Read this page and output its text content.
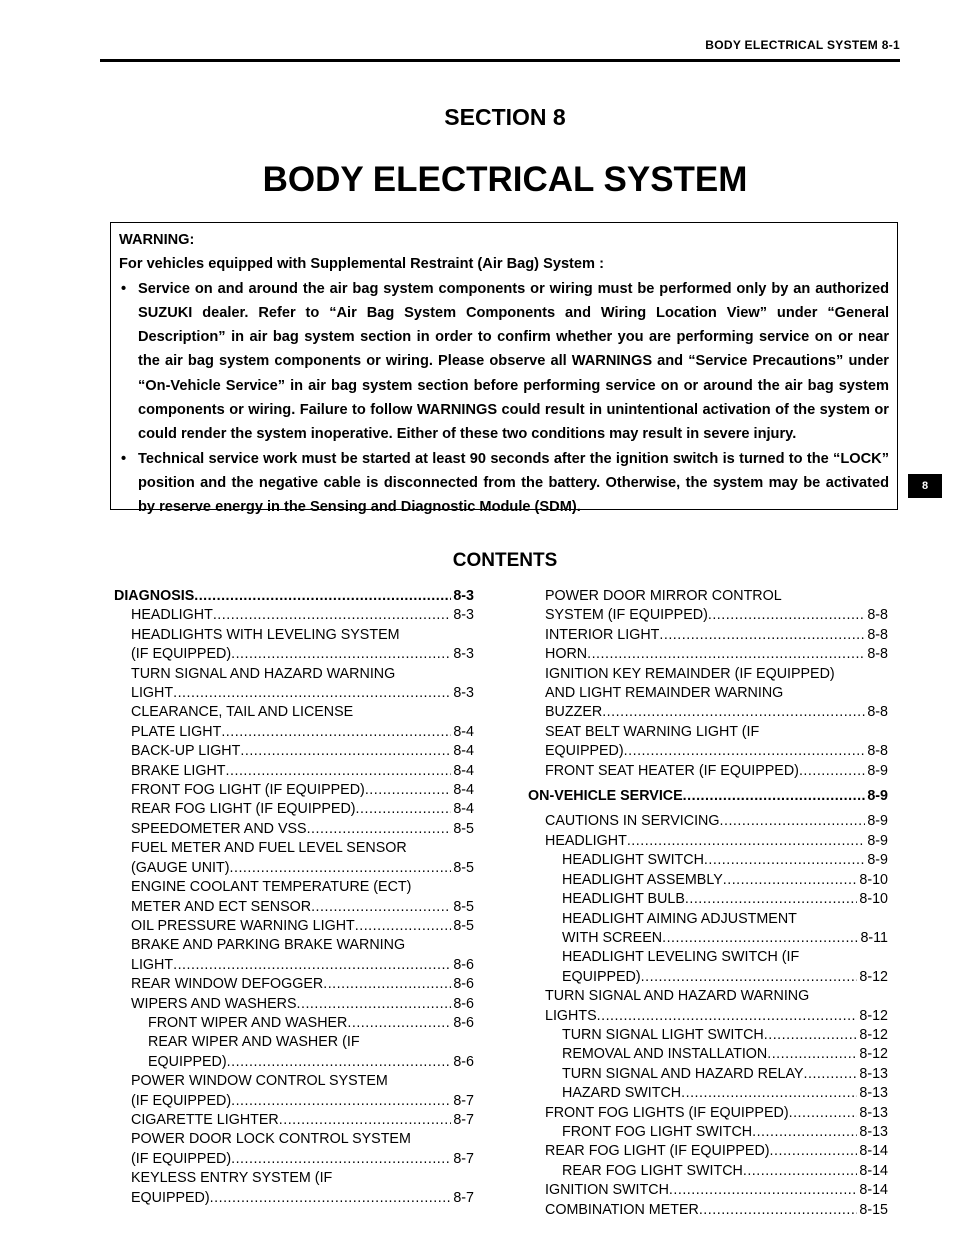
BODY ELECTRICAL SYSTEM 8-1
SECTION 8
BODY ELECTRICAL SYSTEM

WARNING:

For vehicles equipped with Supplemental Restraint (Air Bag) System :

• Service on and around the air bag system components or wiring must be performed only by an authorized SUZUKI dealer. Refer to “Air Bag System Components and Wiring Location View” under “General Description” in air bag system section in order to confirm whether you are performing service on or near the air bag system components or wiring. Please observe all WARNINGS and “Service Precautions” under “On-Vehicle Service” in air bag system section before performing service on or around the air bag system components or wiring. Failure to follow WARNINGS could result in unintentional activation of the system or could render the system inoperative. Either of these two conditions may result in severe injury.

• Technical service work must be started at least 90 seconds after the ignition switch is turned to the “LOCK” position and the negative cable is disconnected from the battery. Otherwise, the system may be activated by reserve energy in the Sensing and Diagnostic Module (SDM).

8
CONTENTS
DIAGNOSIS .....	8-3
HEADLIGHT .....	8-3
HEADLIGHTS WITH LEVELING SYSTEM
(IF EQUIPPED) .....	8-3
TURN SIGNAL AND HAZARD WARNING
LIGHT .....	8-3
CLEARANCE, TAIL AND LICENSE
PLATE LIGHT .....	8-4
BACK-UP LIGHT .....	8-4
BRAKE LIGHT .....	8-4
FRONT FOG LIGHT (IF EQUIPPED) .....	8-4
REAR FOG LIGHT (IF EQUIPPED) .....	8-4
SPEEDOMETER AND VSS .....	8-5
FUEL METER AND FUEL LEVEL SENSOR
(GAUGE UNIT) .....	8-5
ENGINE COOLANT TEMPERATURE (ECT)
METER AND ECT SENSOR .....	8-5
OIL PRESSURE WARNING LIGHT .....	8-5
BRAKE AND PARKING BRAKE WARNING
LIGHT .....	8-6
REAR WINDOW DEFOGGER .....	8-6
WIPERS AND WASHERS .....	8-6
FRONT WIPER AND WASHER .....	8-6
REAR WIPER AND WASHER (IF
EQUIPPED) .....	8-6
POWER WINDOW CONTROL SYSTEM
(IF EQUIPPED) .....	8-7
CIGARETTE LIGHTER .....	8-7
POWER DOOR LOCK CONTROL SYSTEM
(IF EQUIPPED) .....	8-7
KEYLESS ENTRY SYSTEM (IF
EQUIPPED) .....	8-7
POWER DOOR MIRROR CONTROL
SYSTEM (IF EQUIPPED) .....	8-8
INTERIOR LIGHT .....	8-8
HORN .....	8-8
IGNITION KEY REMAINDER (IF EQUIPPED)
AND LIGHT REMAINDER WARNING
BUZZER .....	8-8
SEAT BELT WARNING LIGHT (IF
EQUIPPED) .....	8-8
FRONT SEAT HEATER (IF EQUIPPED) .....	8-9
ON-VEHICLE SERVICE .....	8-9
CAUTIONS IN SERVICING .....	8-9
HEADLIGHT .....	8-9
HEADLIGHT SWITCH .....	8-9
HEADLIGHT ASSEMBLY .....	8-10
HEADLIGHT BULB .....	8-10
HEADLIGHT AIMING ADJUSTMENT
WITH SCREEN .....	8-11
HEADLIGHT LEVELING SWITCH (IF
EQUIPPED) .....	8-12
TURN SIGNAL AND HAZARD WARNING
LIGHTS .....	8-12
TURN SIGNAL LIGHT SWITCH .....	8-12
REMOVAL AND INSTALLATION .....	8-12
TURN SIGNAL AND HAZARD RELAY .....	8-13
HAZARD SWITCH .....	8-13
FRONT FOG LIGHTS (IF EQUIPPED) .....	8-13
FRONT FOG LIGHT SWITCH .....	8-13
REAR FOG LIGHT (IF EQUIPPED) .....	8-14
REAR FOG LIGHT SWITCH .....	8-14
IGNITION SWITCH .....	8-14
COMBINATION METER .....	8-15
